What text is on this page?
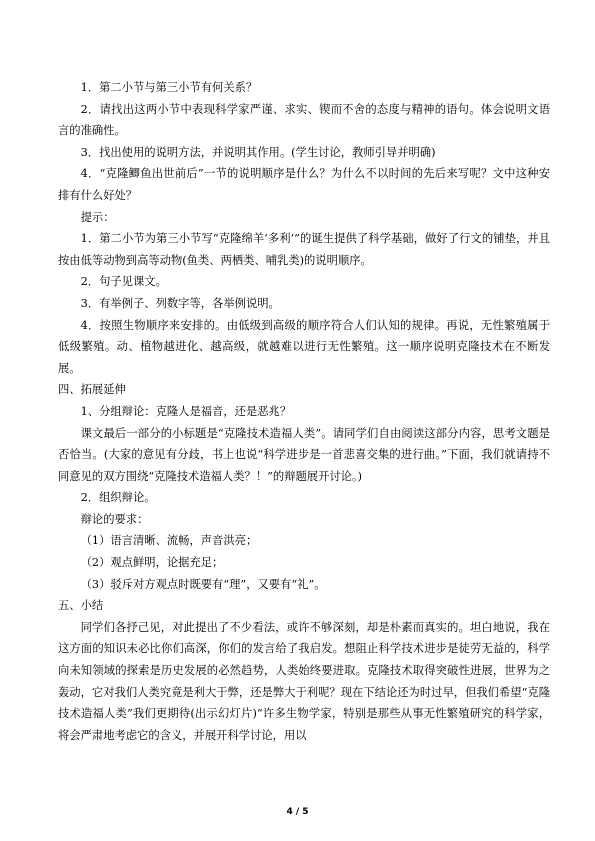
1．第二小节与第三小节有何关系？

2．请找出这两小节中表现科学家严谨、求实、锲而不舍的态度与精神的语句。体会说明文语言的准确性。

3．找出使用的说明方法，并说明其作用。(学生讨论，教师引导并明确)

4．“克隆鲫鱼出世前后”一节的说明顺序是什么？为什么不以时间的先后来写呢？文中这种安排有什么好处？

提示：

1．第二小节为第三小节写“克隆绵羊‘多利’”的诞生提供了科学基础，做好了行文的铺垫，并且按由低等动物到高等动物(鱼类、两栖类、哺乳类)的说明顺序。

2．句子见课文。

3．有举例子、列数字等，各举例说明。

4．按照生物顺序来安排的。由低级到高级的顺序符合人们认知的规律。再说，无性繁殖属于低级繁殖。动、植物越进化、越高级，就越难以进行无性繁殖。这一顺序说明克隆技术在不断发展。

四、拓展延伸

1、分组辩论：克隆人是福音，还是恶兆？

课文最后一部分的小标题是“克隆技术造福人类”。请同学们自由阅读这部分内容，思考文题是否恰当。(大家的意见有分歧，书上也说“科学进步是一首悲喜交集的进行曲。”下面，我们就请持不同意见的双方围绕“克隆技术造福人类？！”的辩题展开讨论。)

2．组织辩论。

辩论的要求：

（1）语言清晰、流畅，声音洪亮；

（2）观点鲜明，论据充足；

（3）驳斥对方观点时既要有“理”，又要有“礼”。

五、小结

同学们各抒己见，对此提出了不少看法，或许不够深刻，却是朴素而真实的。坦白地说，我在这方面的知识未必比你们高深，你们的发言给了我启发。想阻止科学技术进步是徒劳无益的，科学向未知领域的探索是历史发展的必然趋势，人类始终要进取。克隆技术取得突破性进展，世界为之轰动，它对我们人类究竟是利大于弊，还是弊大于利呢？现在下结论还为时过早，但我们希望“克隆技术造福人类”我们更期待(出示幻灯片)“许多生物学家，特别是那些从事无性繁殖研究的科学家，将会严肃地考虑它的含义，并展开科学讨论，用以

4 / 5
